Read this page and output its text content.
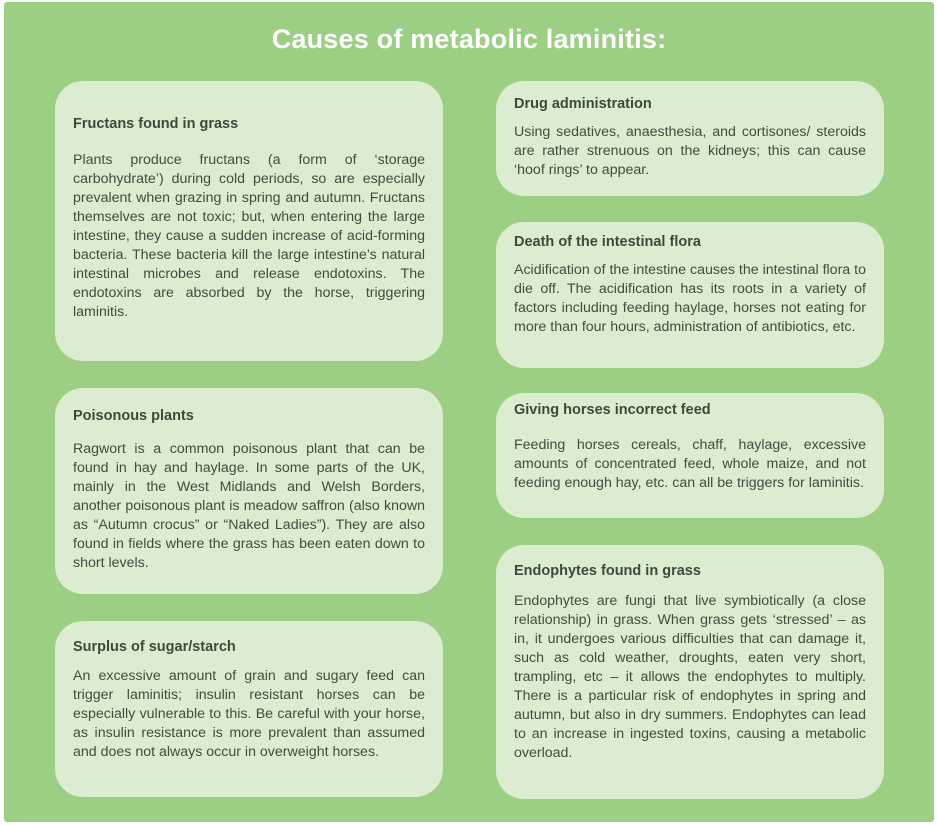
Causes of metabolic laminitis:
Fructans found in grass

Plants produce fructans (a form of ‘storage carbohydrate’) during cold periods, so are especially prevalent when grazing in spring and autumn. Fructans themselves are not toxic; but, when entering the large intestine, they cause a sudden increase of acid-forming bacteria. These bacteria kill the large intestine’s natural intestinal microbes and release endotoxins. The endotoxins are absorbed by the horse, triggering laminitis.

Poisonous plants

Ragwort is a common poisonous plant that can be found in hay and haylage. In some parts of the UK, mainly in the West Midlands and Welsh Borders, another poisonous plant is meadow saffron (also known as “Autumn crocus” or “Naked Ladies”). They are also found in fields where the grass has been eaten down to short levels.

Surplus of sugar/starch

An excessive amount of grain and sugary feed can trigger laminitis; insulin resistant horses can be especially vulnerable to this. Be careful with your horse, as insulin resistance is more prevalent than assumed and does not always occur in overweight horses.

Drug administration

Using sedatives, anaesthesia, and cortisones/ steroids are rather strenuous on the kidneys; this can cause ‘hoof rings’ to appear.

Death of the intestinal flora

Acidification of the intestine causes the intestinal flora to die off. The acidification has its roots in a variety of factors including feeding haylage, horses not eating for more than four hours, administration of antibiotics, etc.

Giving horses incorrect feed

Feeding horses cereals, chaff, haylage, excessive amounts of concentrated feed, whole maize, and not feeding enough hay, etc. can all be triggers for laminitis.

Endophytes found in grass

Endophytes are fungi that live symbiotically (a close relationship) in grass. When grass gets ‘stressed’ – as in, it undergoes various difficulties that can damage it, such as cold weather, droughts, eaten very short, trampling, etc – it allows the endophytes to multiply. There is a particular risk of endophytes in spring and autumn, but also in dry summers. Endophytes can lead to an increase in ingested toxins, causing a metabolic overload.
